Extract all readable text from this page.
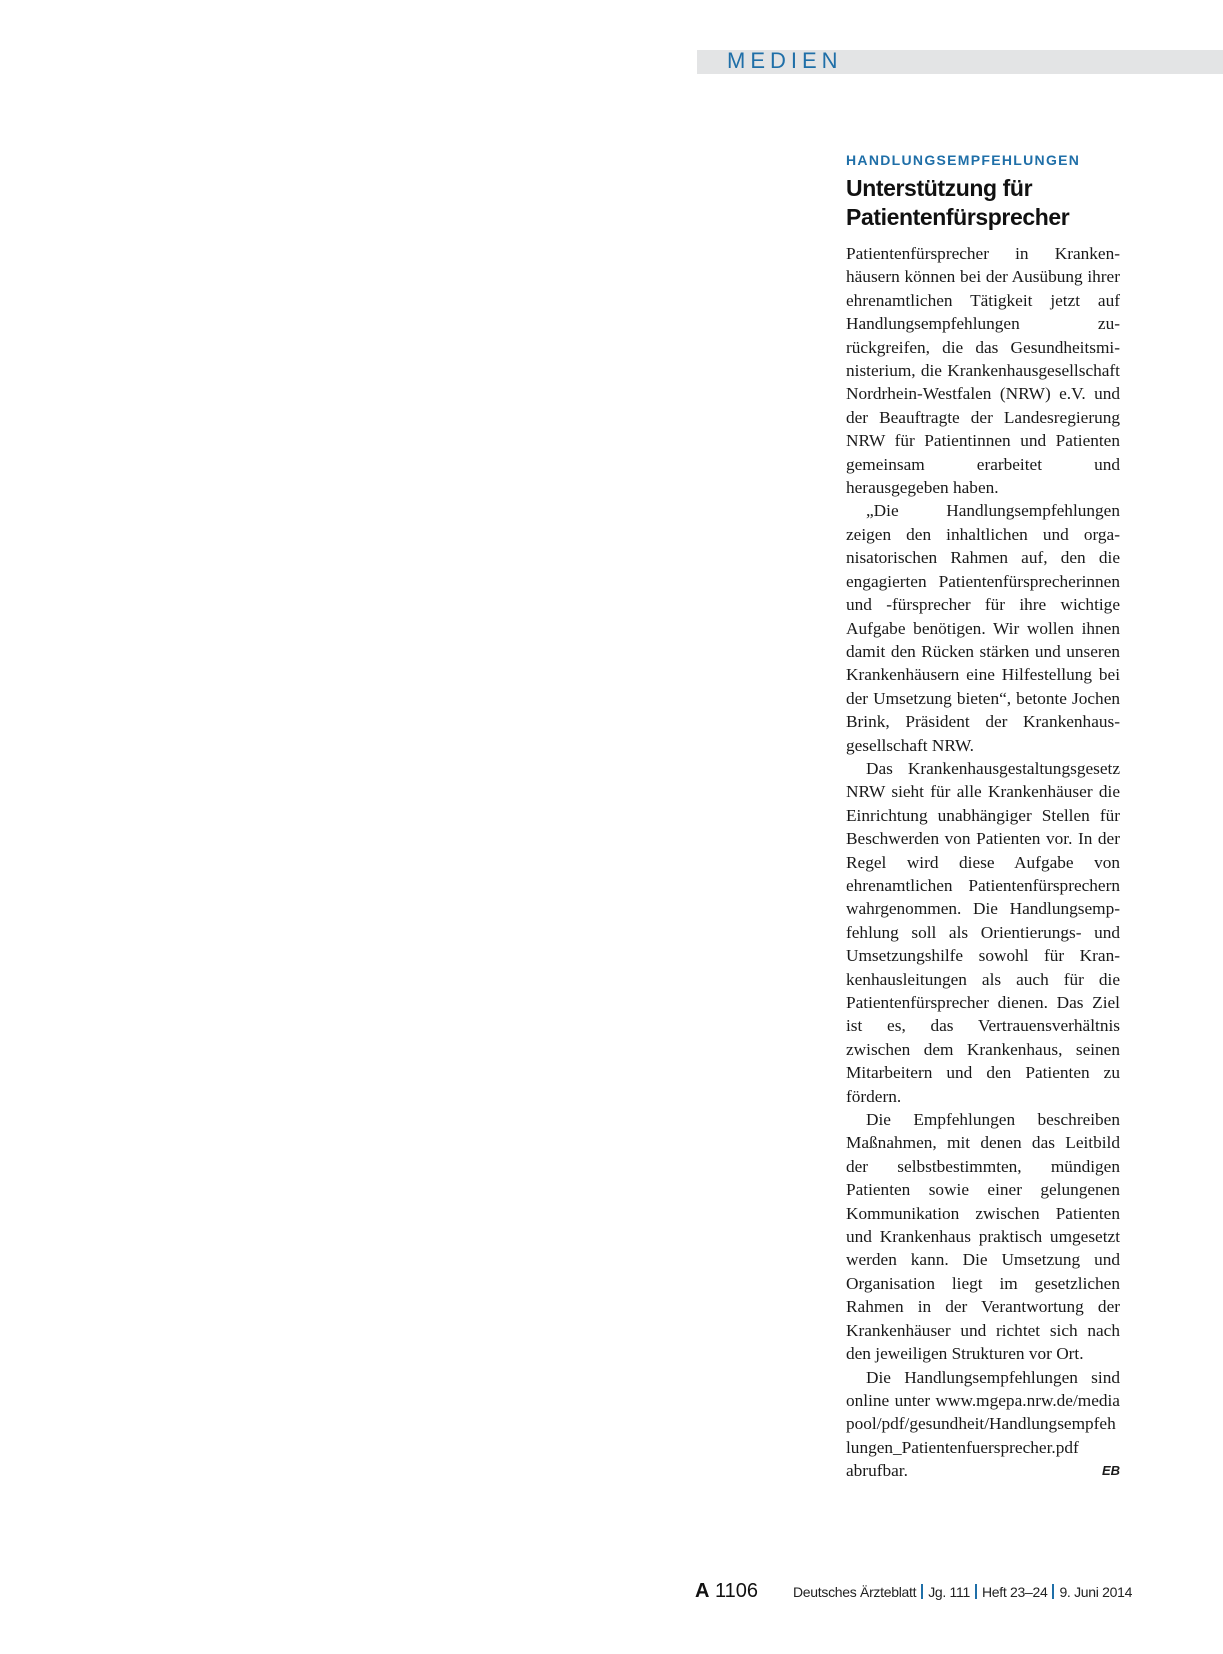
MEDIEN
HANDLUNGSEMPFEHLUNGEN
Unterstützung für Patientenfürsprecher

Patientenfürsprecher in Krankenhäusern können bei der Ausübung ihrer ehrenamtlichen Tätigkeit jetzt auf Handlungsempfehlungen zurückgreifen, die das Gesundheitsministerium, die Krankenhausgesellschaft Nordrhein-Westfalen (NRW) e.V. und der Beauftragte der Landesregierung NRW für Patientinnen und Patienten gemeinsam erarbeitet und herausgegeben haben.

„Die Handlungsempfehlungen zeigen den inhaltlichen und organisatorischen Rahmen auf, den die engagierten Patientenfürsprecherinnen und -fürsprecher für ihre wichtige Aufgabe benötigen. Wir wollen ihnen damit den Rücken stärken und unseren Krankenhäusern eine Hilfestellung bei der Umsetzung bieten“, betonte Jochen Brink, Präsident der Krankenhausgesellschaft NRW.

Das Krankenhausgestaltungsgesetz NRW sieht für alle Krankenhäuser die Einrichtung unabhängiger Stellen für Beschwerden von Patienten vor. In der Regel wird diese Aufgabe von ehrenamtlichen Patientenfürsprechern wahrgenommen. Die Handlungsempfehlung soll als Orientierungs- und Umsetzungshilfe sowohl für Krankenhausleitungen als auch für die Patientenfürsprecher dienen. Das Ziel ist es, das Vertrauensverhältnis zwischen dem Krankenhaus, seinen Mitarbeitern und den Patienten zu fördern.

Die Empfehlungen beschreiben Maßnahmen, mit denen das Leitbild der selbstbestimmten, mündigen Patienten sowie einer gelungenen Kommunikation zwischen Patienten und Krankenhaus praktisch umgesetzt werden kann. Die Umsetzung und Organisation liegt im gesetzlichen Rahmen in der Verantwortung der Krankenhäuser und richtet sich nach den jeweiligen Strukturen vor Ort.

Die Handlungsempfehlungen sind online unter www.mgepa.nrw.de/mediapool/pdf/gesundheit/Handlungsempfehlungen_Patientenfuersprecher.pdf abrufbar.	EB

A 1106 Deutsches Ärzteblatt Jg. 111 Heft 23–24 9. Juni 2014
